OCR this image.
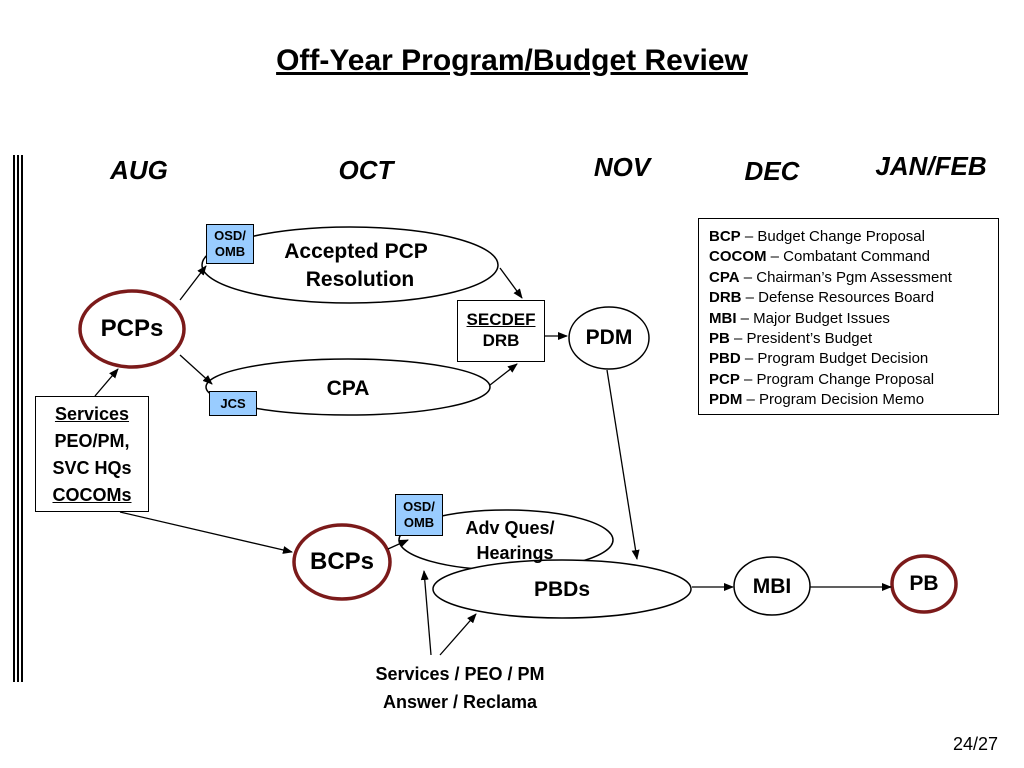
Off-Year Program/Budget Review
AUG	OCT	NOV	DEC	JAN/FEB
OSD/
OMB	Accepted PCP
Resolution
PCPs
JCS
CPA
SECDEF
DRB	PDM
BCP – Budget Change Proposal
COCOM – Combatant Command
CPA – Chairman’s Pgm Assessment
DRB – Defense Resources Board
MBI – Major Budget Issues
PB – President’s Budget
PBD – Program Budget Decision
PCP – Program Change Proposal
PDM – Program Decision Memo
Services
PEO/PM,
SVC HQs
COCOMs
OSD/
OMB	Adv Ques/
Hearings
BCPs
PBDs	MBI	PB
Services / PEO / PM
Answer / Reclama
24/27
